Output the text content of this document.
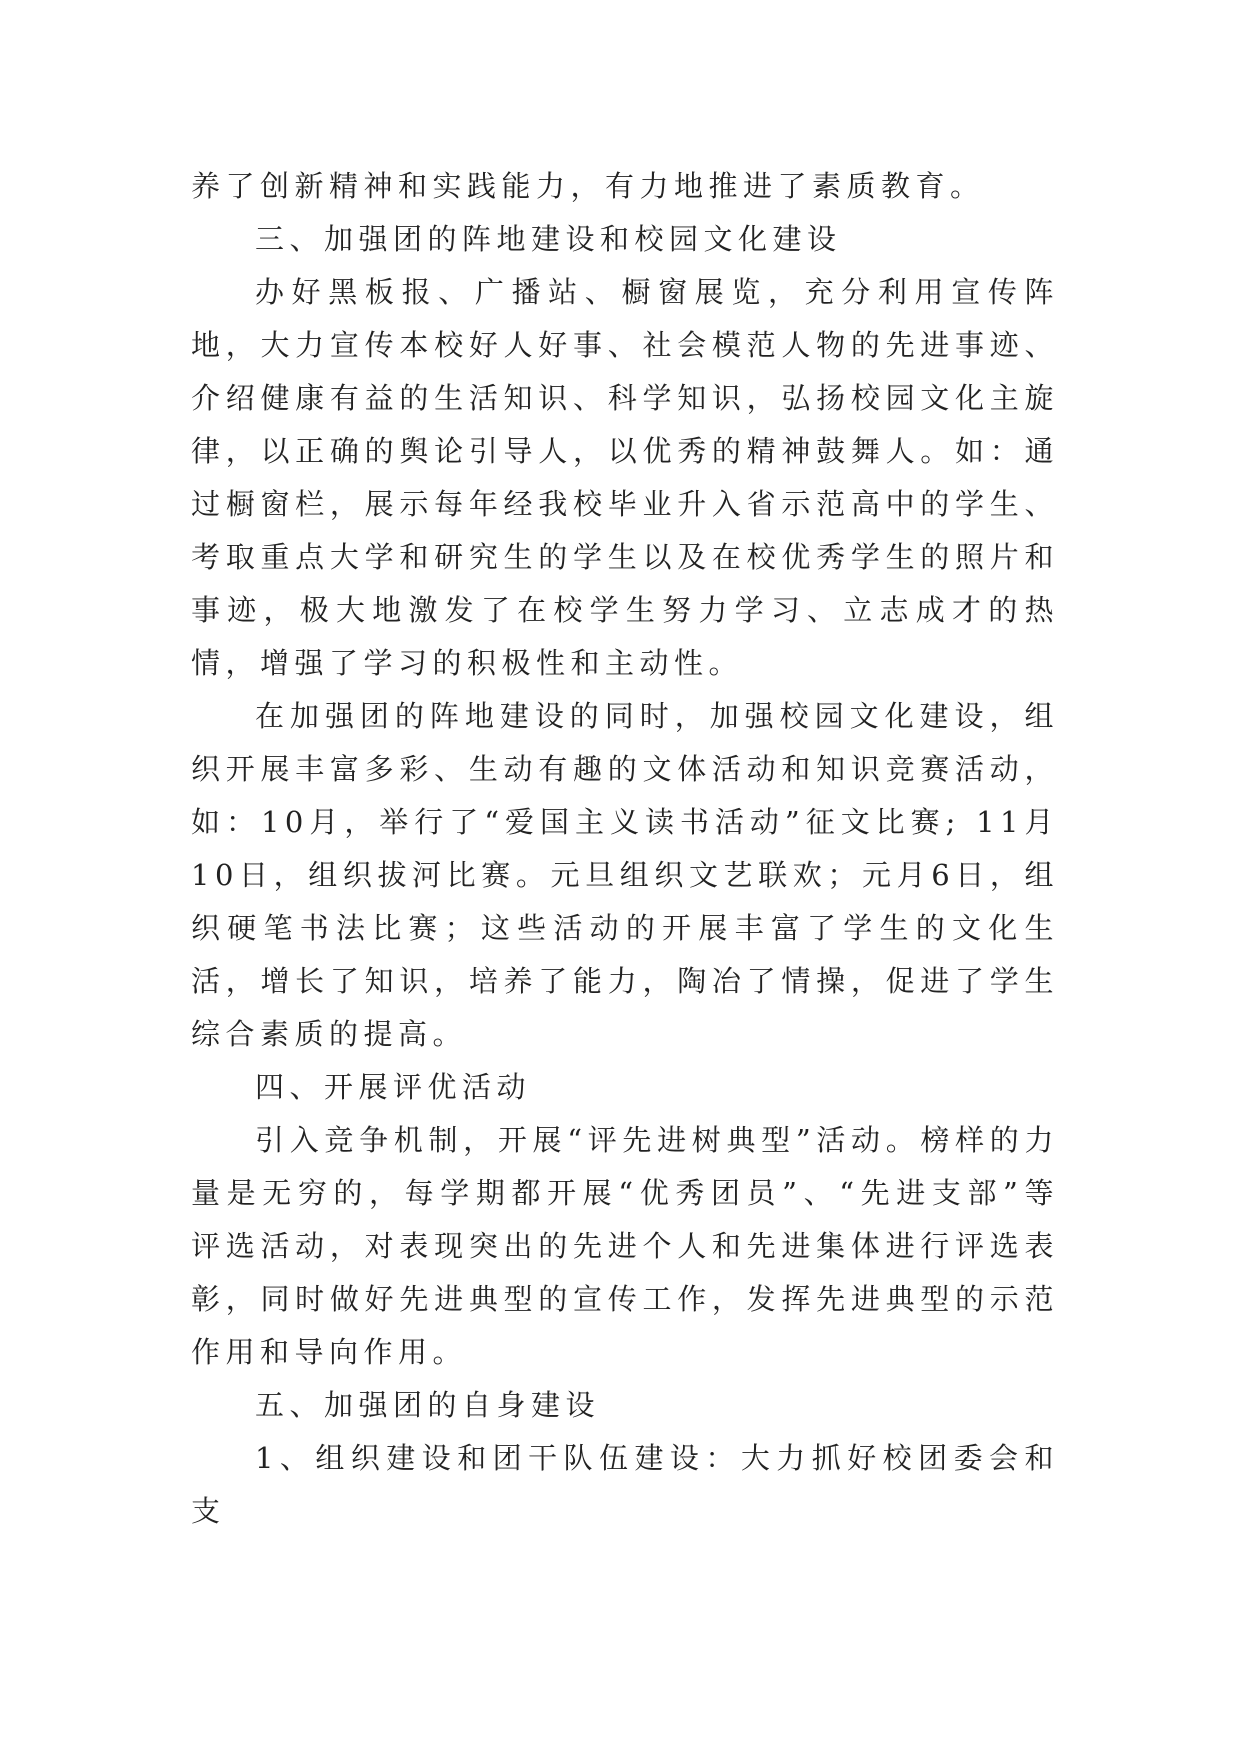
养了创新精神和实践能力，有力地推进了素质教育。

三、加强团的阵地建设和校园文化建设

办好黑板报、广播站、橱窗展览，充分利用宣传阵地，大力宣传本校好人好事、社会模范人物的先进事迹、介绍健康有益的生活知识、科学知识，弘扬校园文化主旋律，以正确的舆论引导人，以优秀的精神鼓舞人。如：通过橱窗栏，展示每年经我校毕业升入省示范高中的学生、考取重点大学和研究生的学生以及在校优秀学生的照片和事迹，极大地激发了在校学生努力学习、立志成才的热情，增强了学习的积极性和主动性。

在加强团的阵地建设的同时，加强校园文化建设，组织开展丰富多彩、生动有趣的文体活动和知识竞赛活动， 如：10月，举行了“爱国主义读书活动”征文比赛; 11月10日，组织拔河比赛。元旦组织文艺联欢；元月6日，组织硬笔书法比赛；这些活动的开展丰富了学生的文化生活，增长了知识，培养了能力，陶冶了情操，促进了学生综合素质的提高。

四、开展评优活动

引入竞争机制，开展“评先进树典型”活动。榜样的力量是无穷的，每学期都开展“优秀团员”、“先进支部”等评选活动，对表现突出的先进个人和先进集体进行评选表彰，同时做好先进典型的宣传工作，发挥先进典型的示范作用和导向作用。

五、加强团的自身建设

1、组织建设和团干队伍建设：大力抓好校团委会和支
